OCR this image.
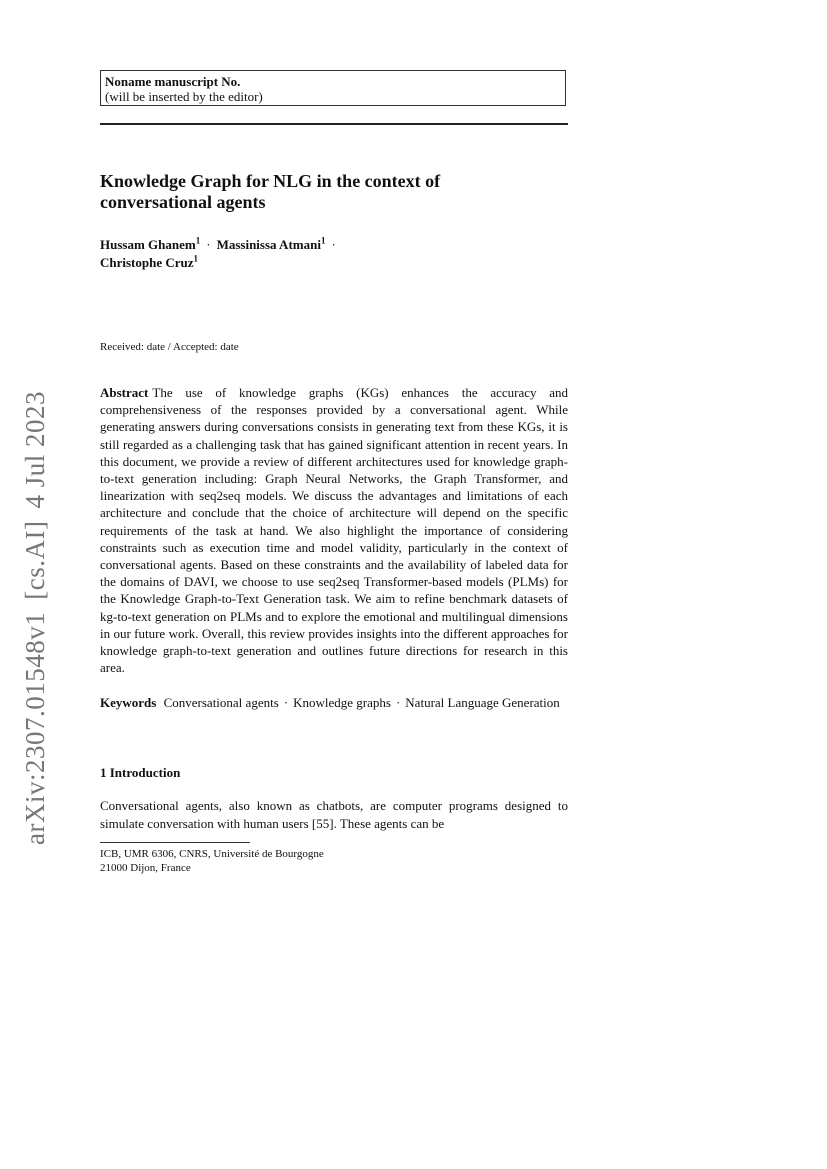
Noname manuscript No.
(will be inserted by the editor)
Knowledge Graph for NLG in the context of
conversational agents
Hussam Ghanem$^1$ · Massinissa Atmani$^1$ ·
Christophe Cruz$^1$
Received: date / Accepted: date
Abstract The use of knowledge graphs (KGs) enhances the accuracy and comprehensiveness of the responses provided by a conversational agent. While generating answers during conversations consists in generating text from these KGs, it is still regarded as a challenging task that has gained significant attention in recent years. In this document, we provide a review of different architectures used for knowledge graph-to-text generation including: Graph Neural Networks, the Graph Transformer, and linearization with seq2seq models. We discuss the advantages and limitations of each architecture and conclude that the choice of architecture will depend on the specific requirements of the task at hand. We also highlight the importance of considering constraints such as execution time and model validity, particularly in the context of conversational agents. Based on these constraints and the availability of labeled data for the domains of DAVI, we choose to use seq2seq Transformer-based models (PLMs) for the Knowledge Graph-to-Text Generation task. We aim to refine benchmark datasets of kg-to-text generation on PLMs and to explore the emotional and multilingual dimensions in our future work. Overall, this review provides insights into the different approaches for knowledge graph-to-text generation and outlines future directions for research in this area.
Keywords Conversational agents · Knowledge graphs · Natural Language Generation
1 Introduction
Conversational agents, also known as chatbots, are computer programs designed to simulate conversation with human users [55]. These agents can be
ICB, UMR 6306, CNRS, Université de Bourgogne
21000 Dijon, France
arXiv:2307.01548v1[cs.AI]4 Jul 2023
